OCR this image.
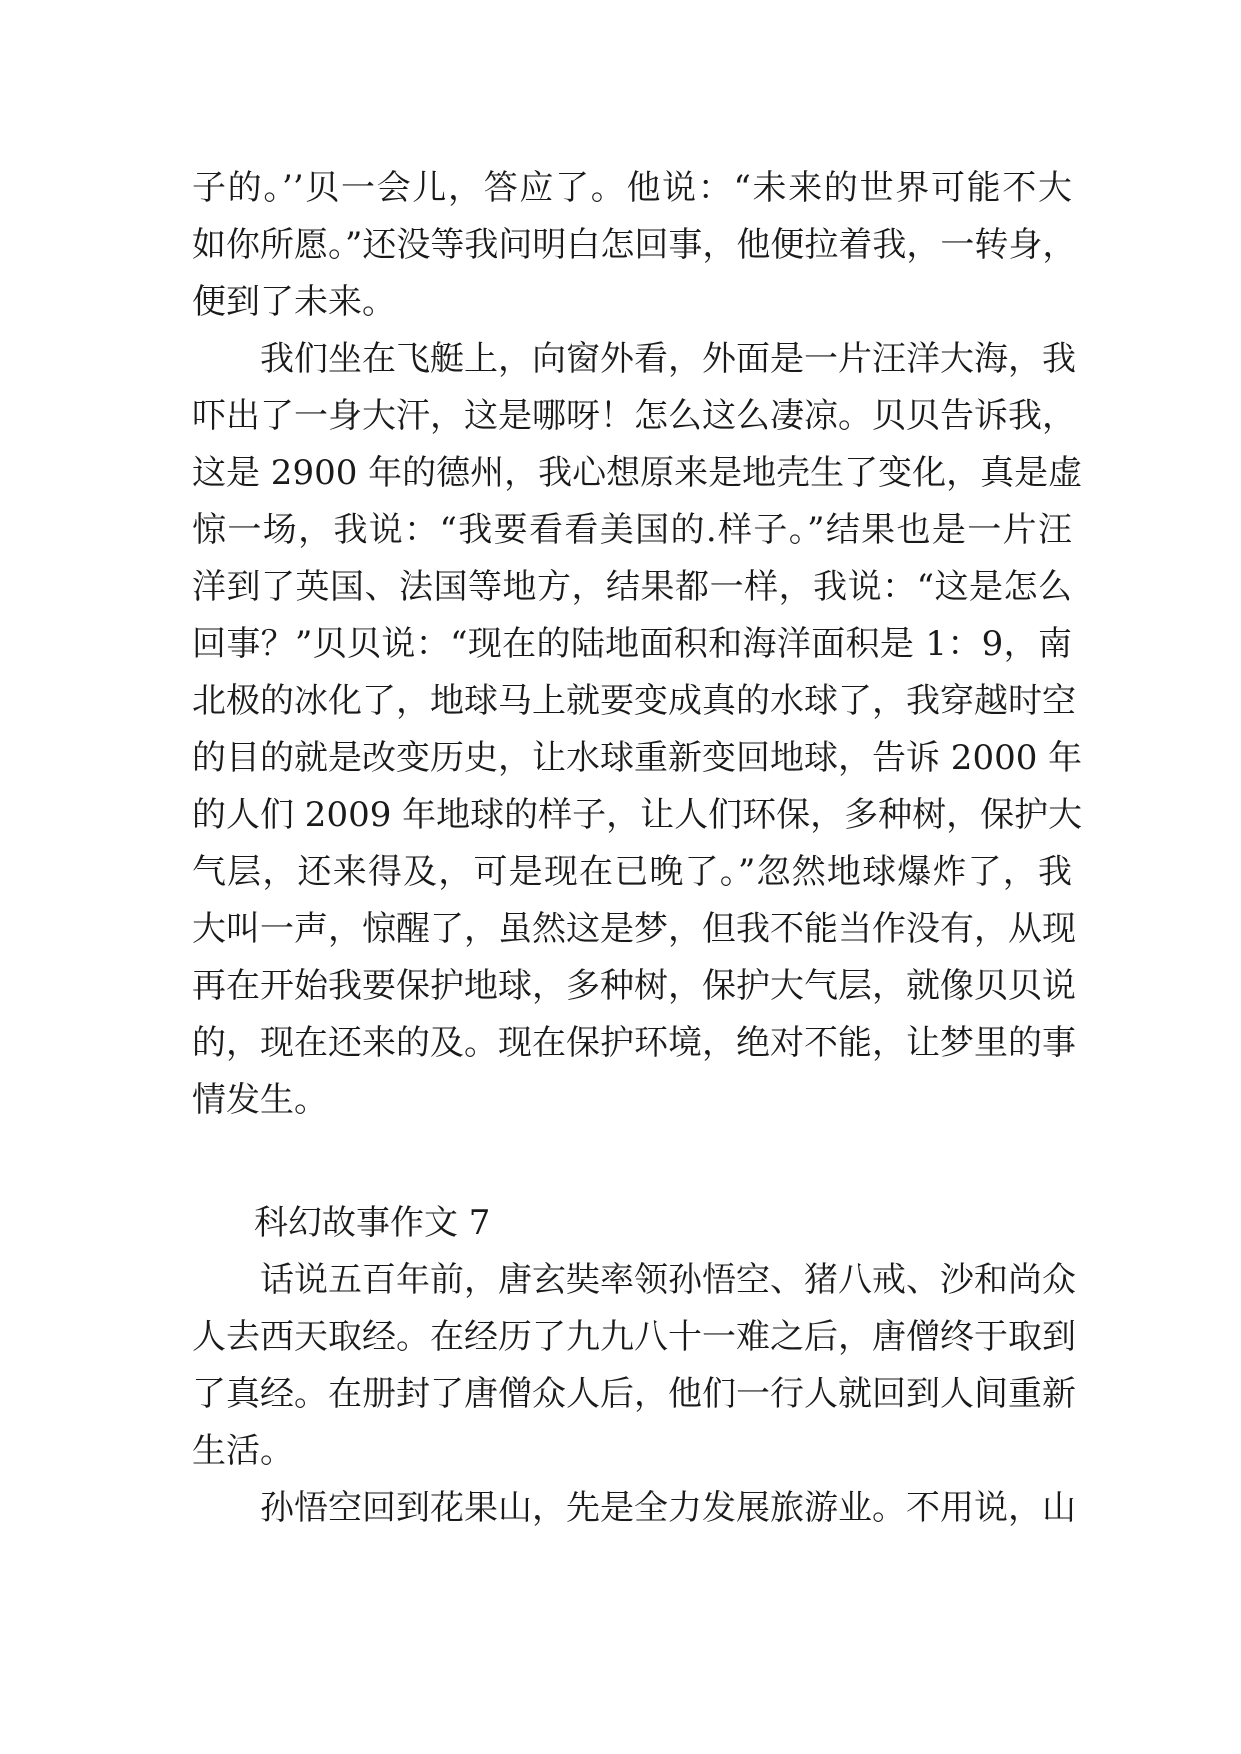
子的。’’贝一会儿，答应了。他说：“未来的世界可能不大
如你所愿。”还没等我问明白怎回事，他便拉着我，一转身，
便到了未来。
我们坐在飞艇上，向窗外看，外面是一片汪洋大海，我
吓出了一身大汗，这是哪呀！怎么这么凄凉。贝贝告诉我，
这是 2900 年的德州，我心想原来是地壳生了变化，真是虚
惊一场，我说：“我要看看美国的.样子。”结果也是一片汪
洋到了英国、法国等地方，结果都一样，我说：“这是怎么
回事？”贝贝说：“现在的陆地面积和海洋面积是 1：9，南
北极的冰化了，地球马上就要变成真的水球了，我穿越时空
的目的就是改变历史，让水球重新变回地球，告诉 2000 年
的人们 2009 年地球的样子，让人们环保，多种树，保护大
气层，还来得及，可是现在已晚了。”忽然地球爆炸了，我
大叫一声，惊醒了，虽然这是梦，但我不能当作没有，从现
再在开始我要保护地球，多种树，保护大气层，就像贝贝说
的，现在还来的及。现在保护环境，绝对不能，让梦里的事
情发生。
科幻故事作文 7
话说五百年前，唐玄奘率领孙悟空、猪八戒、沙和尚众
人去西天取经。在经历了九九八十一难之后，唐僧终于取到
了真经。在册封了唐僧众人后，他们一行人就回到人间重新
生活。
孙悟空回到花果山，先是全力发展旅游业。不用说，山
